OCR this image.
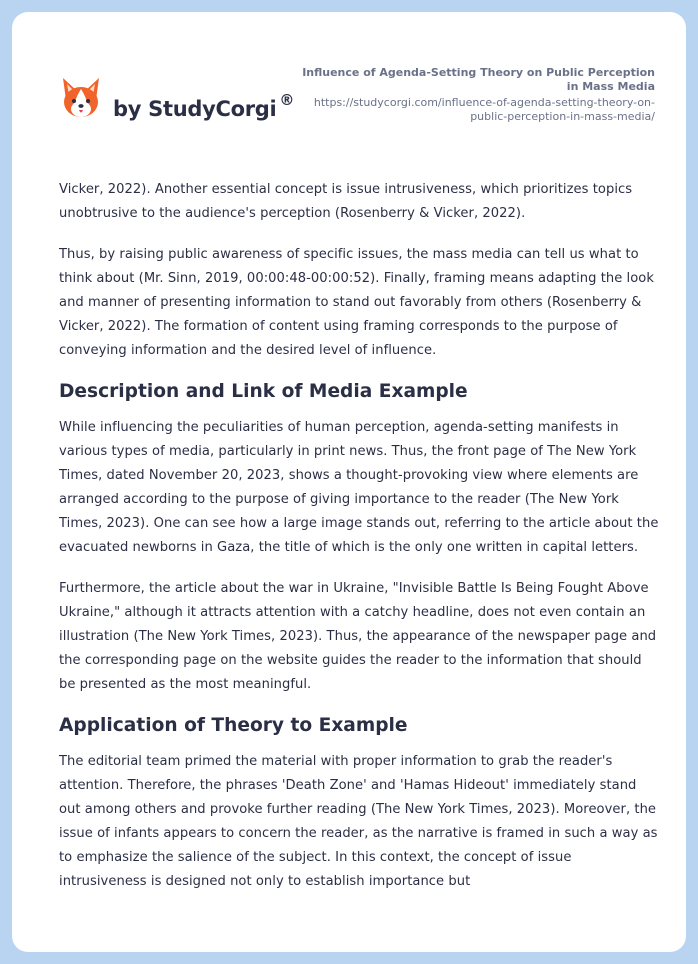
by StudyCorgi ®
Influence of Agenda-Setting Theory on Public Perception in Mass Media
https://studycorgi.com/influence-of-agenda-setting-theory-on-public-perception-in-mass-media/

Vicker, 2022). Another essential concept is issue intrusiveness, which prioritizes topics unobtrusive to the audience's perception (Rosenberry & Vicker, 2022).

Thus, by raising public awareness of specific issues, the mass media can tell us what to think about (Mr. Sinn, 2019, 00:00:48-00:00:52). Finally, framing means adapting the look and manner of presenting information to stand out favorably from others (Rosenberry & Vicker, 2022). The formation of content using framing corresponds to the purpose of conveying information and the desired level of influence.

Description and Link of Media Example

While influencing the peculiarities of human perception, agenda-setting manifests in various types of media, particularly in print news. Thus, the front page of The New York Times, dated November 20, 2023, shows a thought-provoking view where elements are arranged according to the purpose of giving importance to the reader (The New York Times, 2023). One can see how a large image stands out, referring to the article about the evacuated newborns in Gaza, the title of which is the only one written in capital letters.

Furthermore, the article about the war in Ukraine, "Invisible Battle Is Being Fought Above Ukraine," although it attracts attention with a catchy headline, does not even contain an illustration (The New York Times, 2023). Thus, the appearance of the newspaper page and the corresponding page on the website guides the reader to the information that should be presented as the most meaningful.

Application of Theory to Example

The editorial team primed the material with proper information to grab the reader's attention. Therefore, the phrases 'Death Zone' and 'Hamas Hideout' immediately stand out among others and provoke further reading (The New York Times, 2023). Moreover, the issue of infants appears to concern the reader, as the narrative is framed in such a way as to emphasize the salience of the subject. In this context, the concept of issue intrusiveness is designed not only to establish importance but
